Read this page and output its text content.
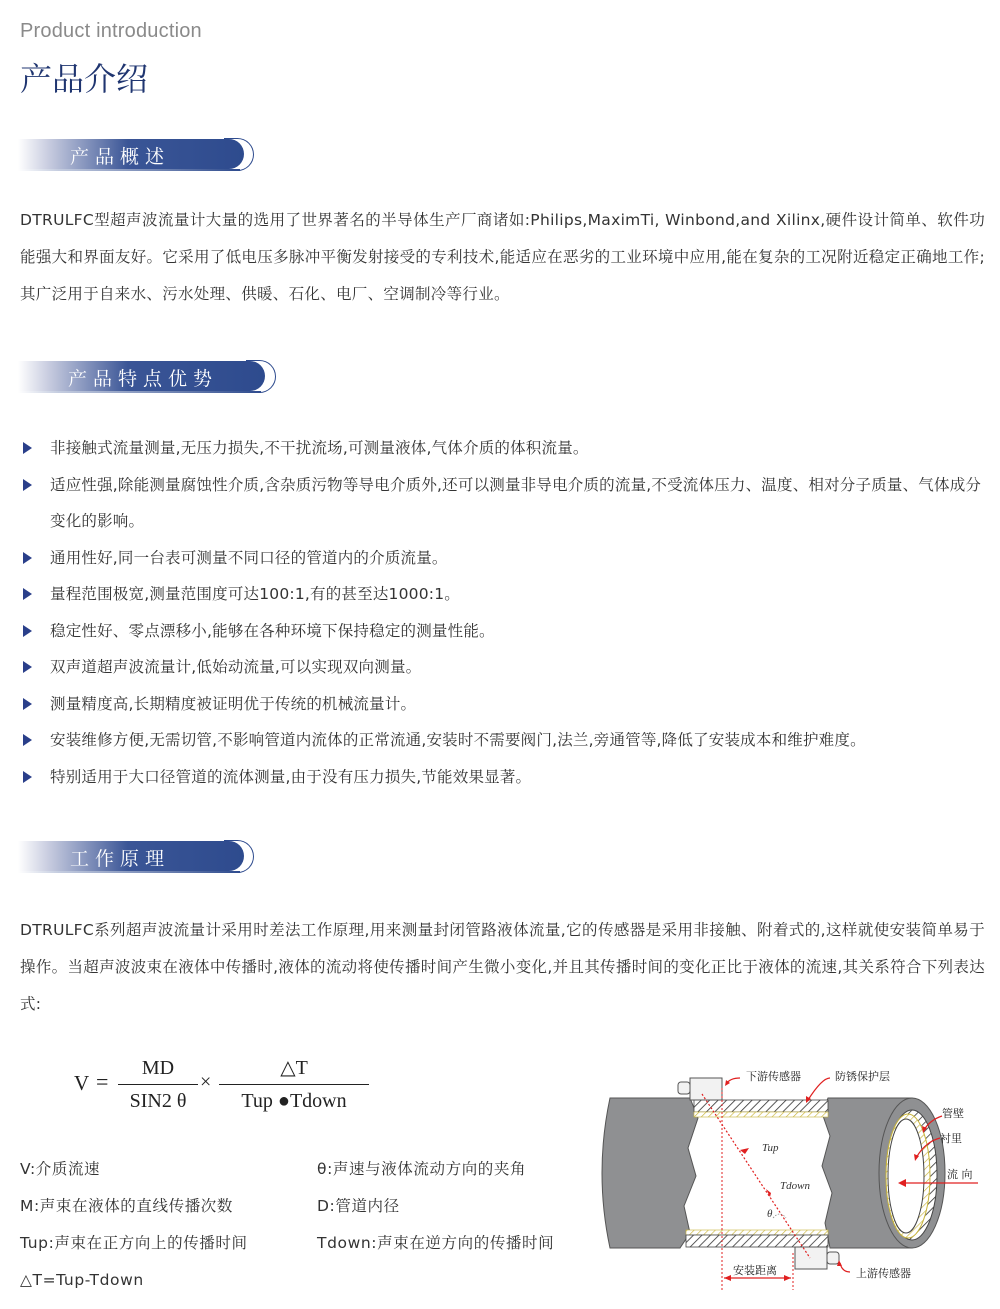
Product introduction
产品介绍
产品概述

DTRULFC型超声波流量计大量的选用了世界著名的半导体生产厂商诸如:Philips,MaximTi, Winbond,and Xilinx,硬件设计简单、软件功能强大和界面友好。它采用了低电压多脉冲平衡发射接受的专利技术,能适应在恶劣的工业环境中应用,能在复杂的工况附近稳定正确地工作;其广泛用于自来水、污水处理、供暖、石化、电厂、空调制冷等行业。

产品特点优势
非接触式流量测量,无压力损失,不干扰流场,可测量液体,气体介质的体积流量。
适应性强,除能测量腐蚀性介质,含杂质污物等导电介质外,还可以测量非导电介质的流量,不受流体压力、温度、相对分子质量、气体成分变化的影响。
通用性好,同一台表可测量不同口径的管道内的介质流量。
量程范围极宽,测量范围度可达100:1,有的甚至达1000:1。
稳定性好、零点漂移小,能够在各种环境下保持稳定的测量性能。
双声道超声波流量计,低始动流量,可以实现双向测量。
测量精度高,长期精度被证明优于传统的机械流量计。
安装维修方便,无需切管,不影响管道内流体的正常流通,安装时不需要阀门,法兰,旁通管等,降低了安装成本和维护难度。
特别适用于大口径管道的流体测量,由于没有压力损失,节能效果显著。
工作原理

DTRULFC系列超声波流量计采用时差法工作原理,用来测量封闭管路液体流量,它的传感器是采用非接触、附着式的,这样就使安装简单易于操作。当超声波波束在液体中传播时,液体的流动将使传播时间产生微小变化,并且其传播时间的变化正比于液体的流速,其关系符合下列表达式:

V =
MD
SIN2 θ
×
△T
Tup ●Tdown
V:介质流速	θ:声速与液体流动方向的夹角
M:声束在液体的直线传播次数	D:管道内径
Tup:声束在正方向上的传播时间	Tdown:声束在逆方向的传播时间
△T=Tup-Tdown
下游传感器	防锈保护层
管壁
衬里
流 向
Tup
Tdown
θ
安装距离	上游传感器
